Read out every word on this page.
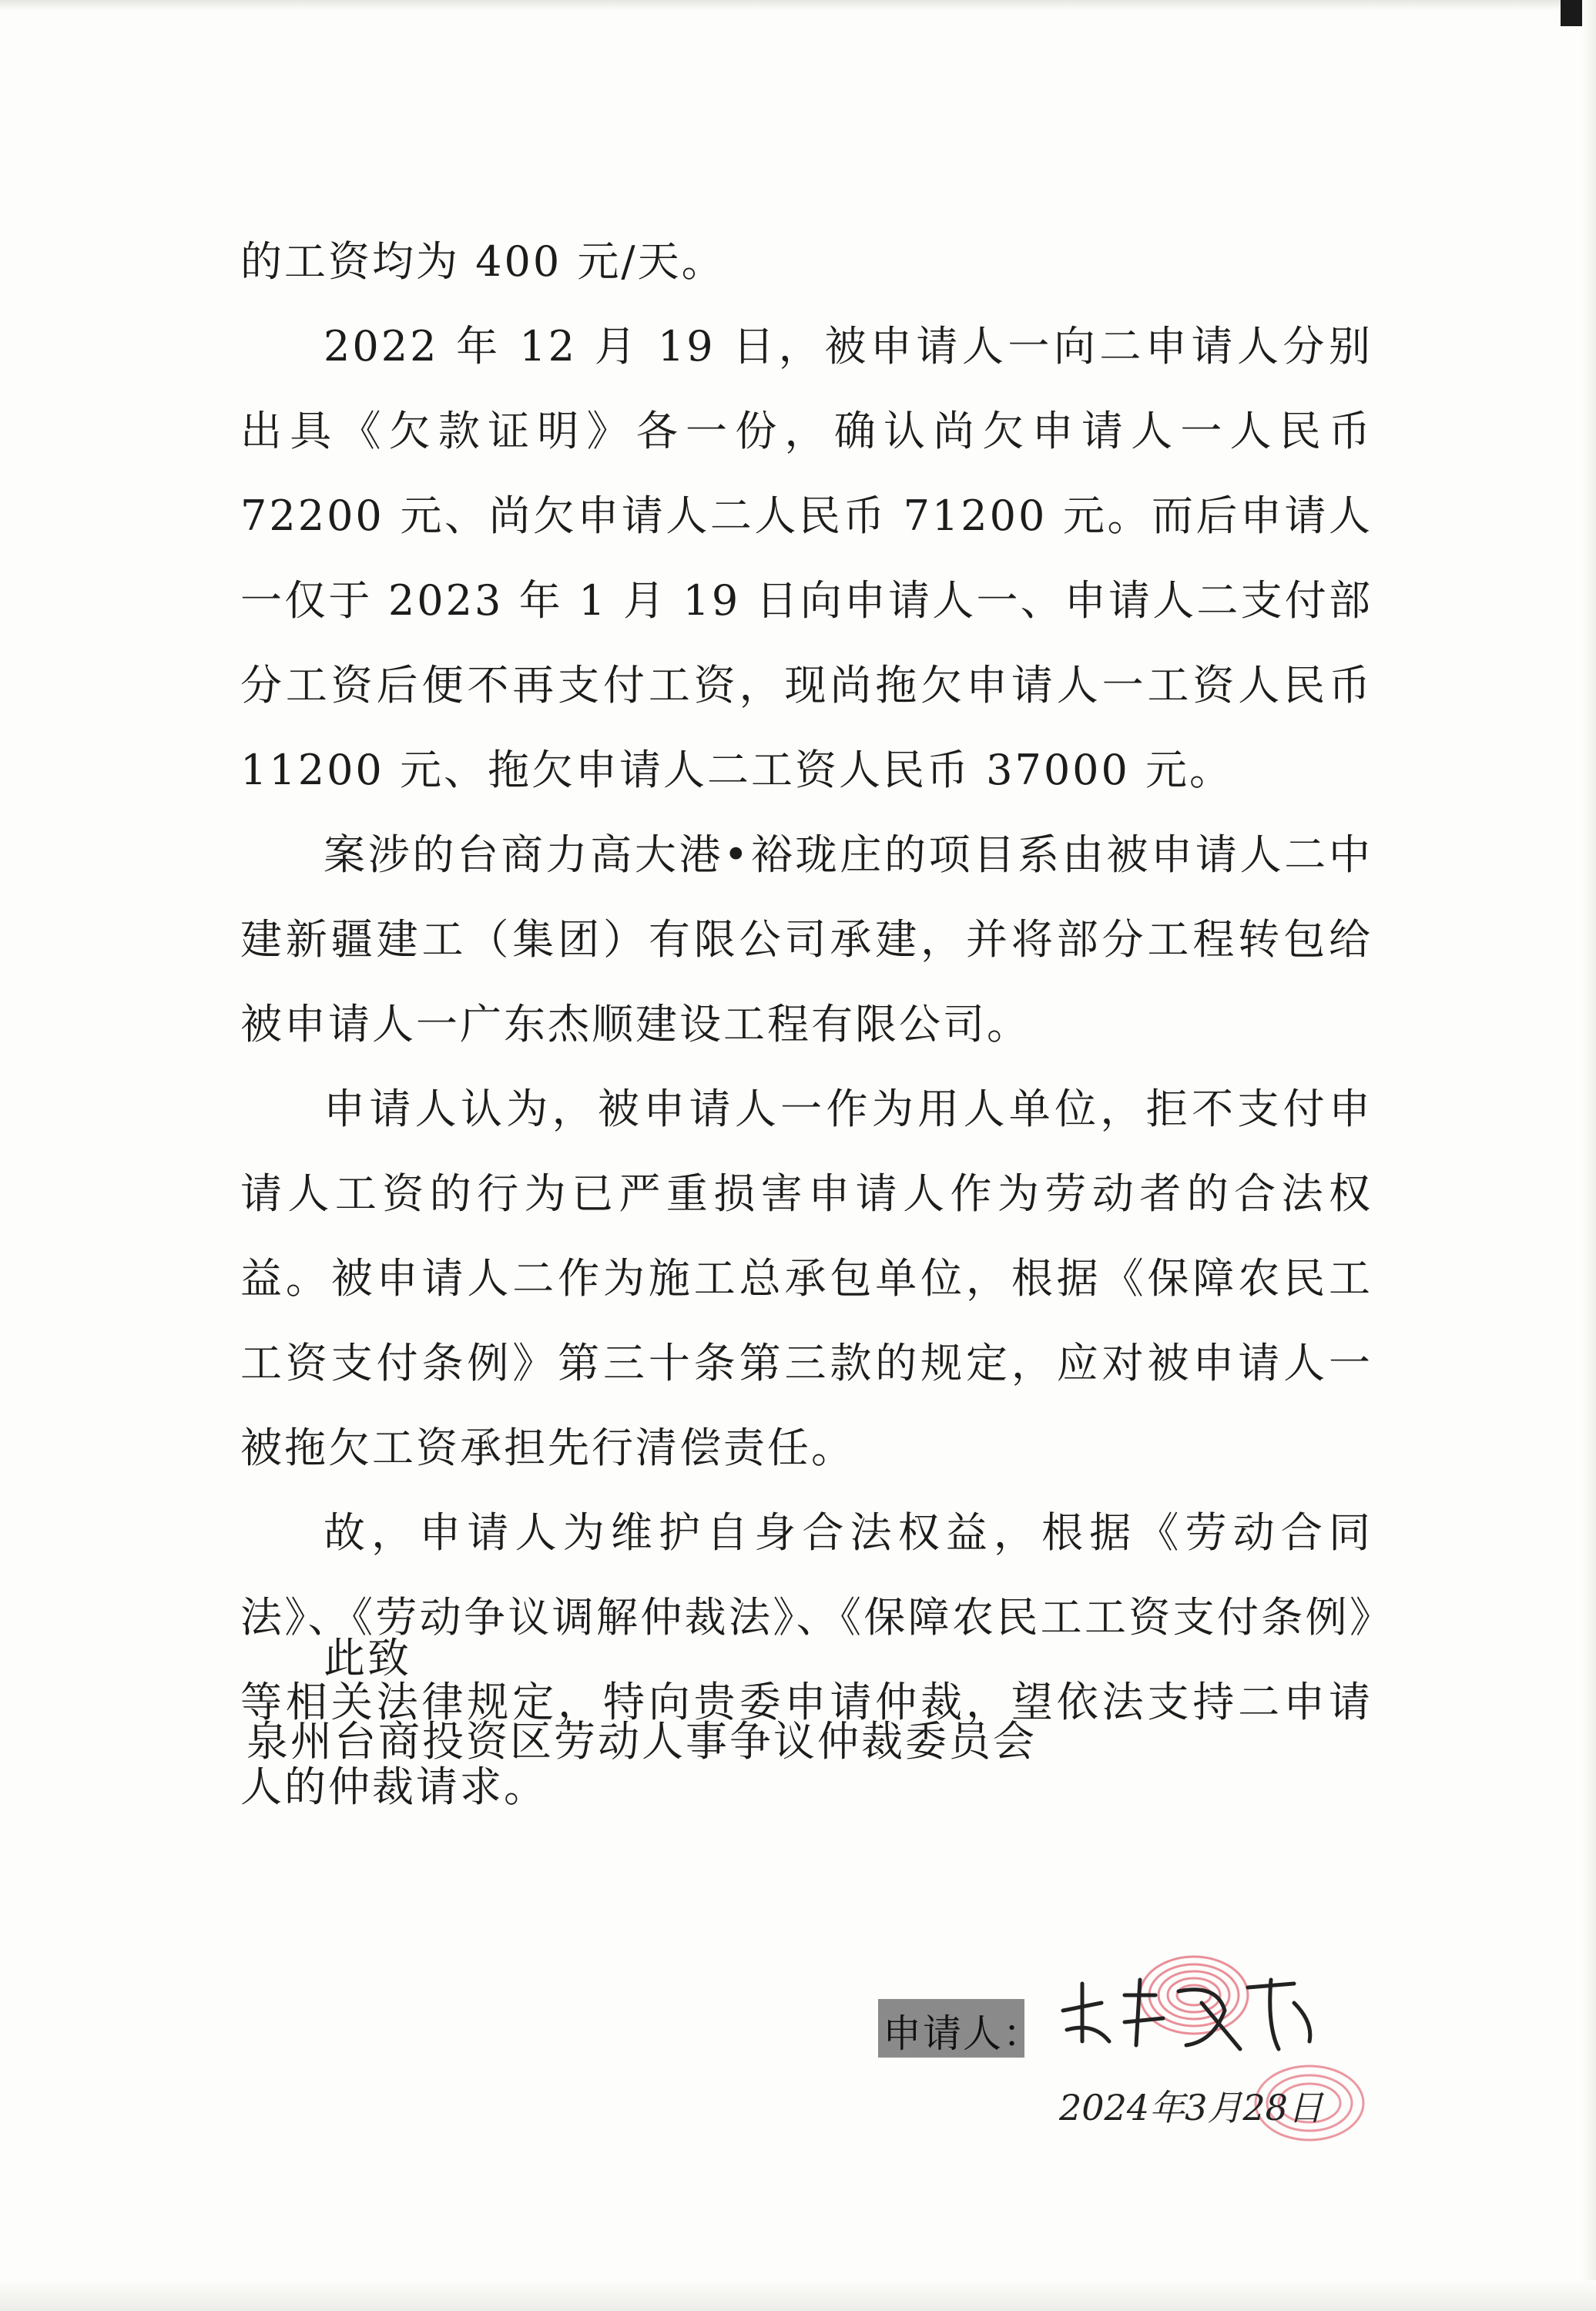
的工资均为 400 元/天。

2022 年 12 月 19 日，被申请人一向二申请人分别出具《欠款证明》各一份，确认尚欠申请人一人民币 72200 元、尚欠申请人二人民币 71200 元。而后申请人一仅于 2023 年 1 月 19 日向申请人一、申请人二支付部分工资后便不再支付工资，现尚拖欠申请人一工资人民币 11200 元、拖欠申请人二工资人民币 37000 元。

案涉的台商力高大港•裕珑庄的项目系由被申请人二中建新疆建工（集团）有限公司承建，并将部分工程转包给被申请人一广东杰顺建设工程有限公司。

申请人认为，被申请人一作为用人单位，拒不支付申请人工资的行为已严重损害申请人作为劳动者的合法权益。被申请人二作为施工总承包单位，根据《保障农民工工资支付条例》第三十条第三款的规定，应对被申请人一被拖欠工资承担先行清偿责任。

故，申请人为维护自身合法权益，根据《劳动合同法》、《劳动争议调解仲裁法》、《保障农民工工资支付条例》等相关法律规定，特向贵委申请仲裁，望依法支持二申请人的仲裁请求。

此致
泉州台商投资区劳动人事争议仲裁委员会
申请人：
2024年3月28日
